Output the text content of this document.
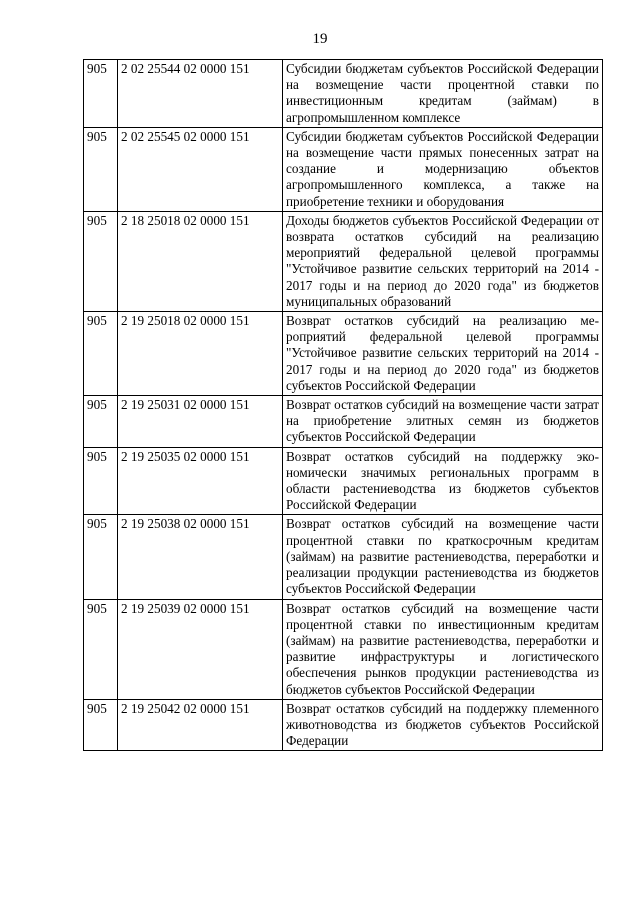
19
905	2 02 25544 02 0000 151	Субсидии бюджетам субъектов Российской Федерации на возмещение части процентной ставки по инвестиционным кредитам (займам) в агропромышленном комплексе
905	2 02 25545 02 0000 151	Субсидии бюджетам субъектов Российской Федерации на возмещение части прямых понесенных затрат на создание и модернизацию объектов агропромышленного комплекса, а также на приобретение техники и оборудования
905	2 18 25018 02 0000 151	Доходы бюджетов субъектов Российской Федерации от возврата остатков субсидий на реализацию мероприятий федеральной целевой программы "Устойчивое развитие сельских территорий на 2014 - 2017 годы и на период до 2020 года" из бюджетов муниципальных образований
905	2 19 25018 02 0000 151	Возврат остатков субсидий на реализацию мероприятий федеральной целевой программы "Устойчивое развитие сельских территорий на 2014 - 2017 годы и на период до 2020 года" из бюджетов субъектов Российской Федерации
905	2 19 25031 02 0000 151	Возврат остатков субсидий на возмещение части затрат на приобретение элитных семян из бюджетов субъектов Российской Федерации
905	2 19 25035 02 0000 151	Возврат остатков субсидий на поддержку экономически значимых региональных программ в области растениеводства из бюджетов субъектов Российской Федерации
905	2 19 25038 02 0000 151	Возврат остатков субсидий на возмещение части процентной ставки по краткосрочным кредитам (займам) на развитие растениеводства, переработки и реализации продукции растениеводства из бюджетов субъектов Российской Федерации
905	2 19 25039 02 0000 151	Возврат остатков субсидий на возмещение части процентной ставки по инвестиционным кредитам (займам) на развитие растениеводства, переработки и развитие инфраструктуры и логистического обеспечения рынков продукции растениеводства из бюджетов субъектов Российской Федерации
905	2 19 25042 02 0000 151	Возврат остатков субсидий на поддержку племенного животноводства из бюджетов субъектов Российской Федерации
